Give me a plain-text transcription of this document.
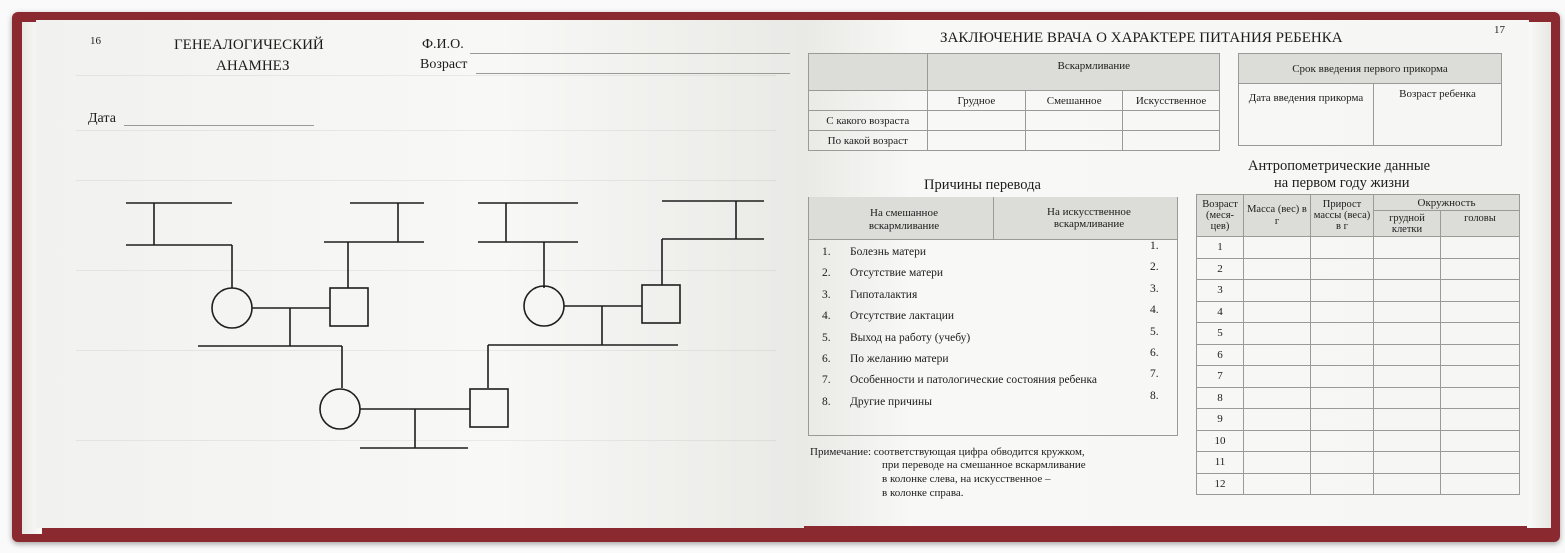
16	ГЕНЕАЛОГИЧЕСКИЙ
АНАМНЕЗ
Ф.И.О.
Возраст
Дата
17
ЗАКЛЮЧЕНИЕ ВРАЧА О ХАРАКТЕРЕ ПИТАНИЯ РЕБЕНКА
	Вскармливание		
	Грудное	Смешанное	Искусственное
С какого возраста			
По какой возраст			
Срок введения первого прикорма
Дата введения прикорма	Возраст ребенка
Причины перевода
На смешанное вскармливание
На искусственное вскармливание
1. Болезнь матери	1.
2. Отсутствие матери	2.
3. Гипоталактия	3.
4. Отсутствие лактации	4.
5. Выход на работу (учебу)	5.
6. По желанию матери	6.
7. Особенности и патологические состояния ребенка	7.
8. Другие причины	8.
Примечание: соответствующая цифра обводится кружком,
при переводе на смешанное вскармливание
в колонке слева, на искусственное –
в колонке справа.
Антропометрические данные
на первом году жизни
Возраст (меся-цев)	Масса (вес) в г	Прирост массы (веса) в г	Окружность	
			грудной клетки	головы
1				
2				
3				
4				
5				
6				
7				
8				
9				
10				
11				
12				
